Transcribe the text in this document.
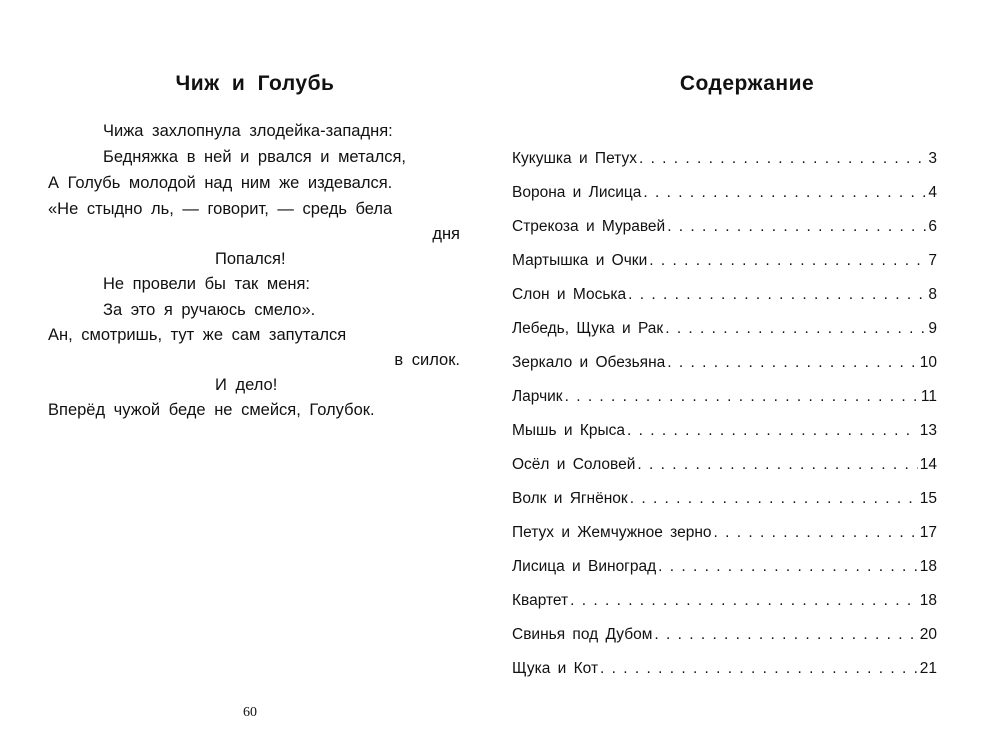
Чиж и Голубь
Чижа захлопнула злодейка-западня:
Бедняжка в ней и рвался и метался,
А Голубь молодой над ним же издевался.
«Не стыдно ль, — говорит, — средь бела
дня
Попался!
Не провели бы так меня:
За это я ручаюсь смело».
Ан, смотришь, тут же сам запутался
в силок.
И дело!
Вперёд чужой беде не смейся, Голубок.
60
Содержание
Кукушка и Петух . . .	3
Ворона и Лисица . . .	4
Стрекоза и Муравей . . .	6
Мартышка и Очки . . .	7
Слон и Моська . . .	8
Лебедь, Щука и Рак . . .	9
Зеркало и Обезьяна . . .	10
Ларчик . . .	11
Мышь и Крыса . . .	13
Осёл и Соловей . . .	14
Волк и Ягнёнок . . .	15
Петух и Жемчужное зерно . . .	17
Лисица и Виноград . . .	18
Квартет . . .	18
Свинья под Дубом . . .	20
Щука и Кот . . .	21
